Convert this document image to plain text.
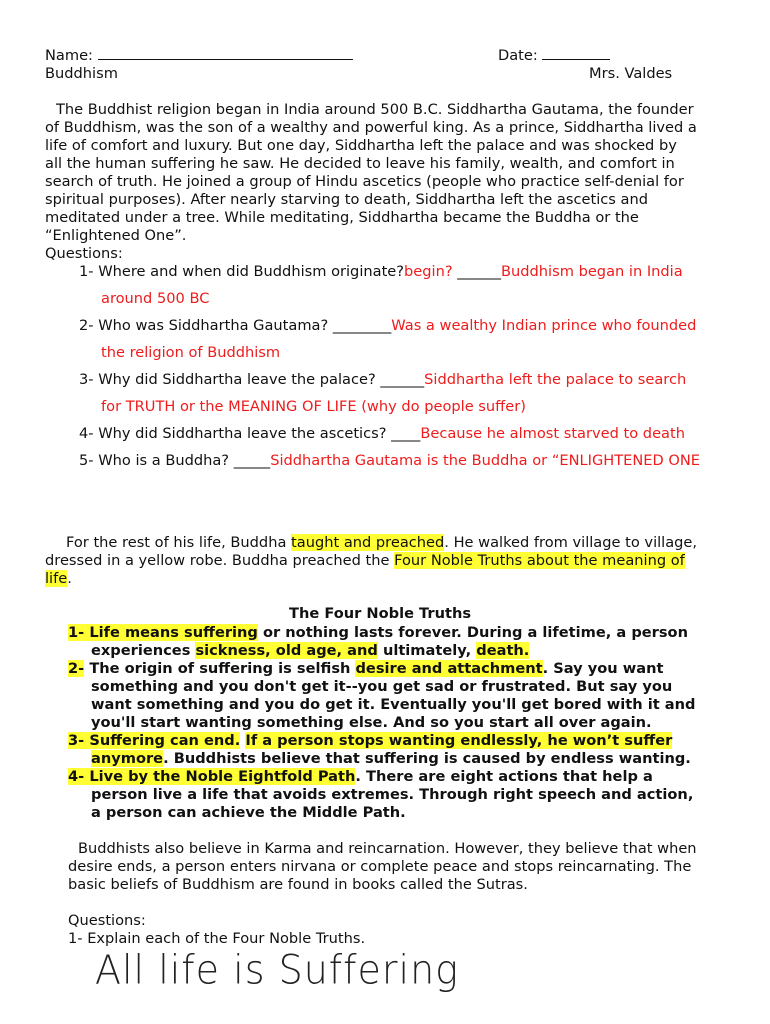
Name:	Date:
Buddhism	Mrs. Valdes
The Buddhist religion began in India around 500 B.C. Siddhartha Gautama, the founder
of Buddhism, was the son of a wealthy and powerful king. As a prince, Siddhartha lived a
life of comfort and luxury. But one day, Siddhartha left the palace and was shocked by
all the human suffering he saw. He decided to leave his family, wealth, and comfort in
search of truth. He joined a group of Hindu ascetics (people who practice self-denial for
spiritual purposes). After nearly starving to death, Siddhartha left the ascetics and
meditated under a tree. While meditating, Siddhartha became the Buddha or the
“Enlightened One”.
Questions:
1- Where and when did Buddhism originate?begin? ______Buddhism began in India
around 500 BC
2- Who was Siddhartha Gautama? ________Was a wealthy Indian prince who founded
the religion of Buddhism
3- Why did Siddhartha leave the palace? ______Siddhartha left the palace to search
for TRUTH or the MEANING OF LIFE (why do people suffer)
4- Why did Siddhartha leave the ascetics? ____Because he almost starved to death
5- Who is a Buddha? _____Siddhartha Gautama is the Buddha or “ENLIGHTENED ONE
For the rest of his life, Buddha taught and preached. He walked from village to village,
dressed in a yellow robe. Buddha preached the Four Noble Truths about the meaning of
life.
The Four Noble Truths
1- Life means suffering or nothing lasts forever. During a lifetime, a person
experiences sickness, old age, and ultimately, death.
2- The origin of suffering is selfish desire and attachment. Say you want
something and you don't get it--you get sad or frustrated. But say you
want something and you do get it. Eventually you'll get bored with it and
you'll start wanting something else. And so you start all over again.
3- Suffering can end. If a person stops wanting endlessly, he won’t suffer
anymore. Buddhists believe that suffering is caused by endless wanting.
4- Live by the Noble Eightfold Path. There are eight actions that help a
person live a life that avoids extremes. Through right speech and action,
a person can achieve the Middle Path.
Buddhists also believe in Karma and reincarnation. However, they believe that when
desire ends, a person enters nirvana or complete peace and stops reincarnating. The
basic beliefs of Buddhism are found in books called the Sutras.
Questions:
1- Explain each of the Four Noble Truths.
All life is Suffering
